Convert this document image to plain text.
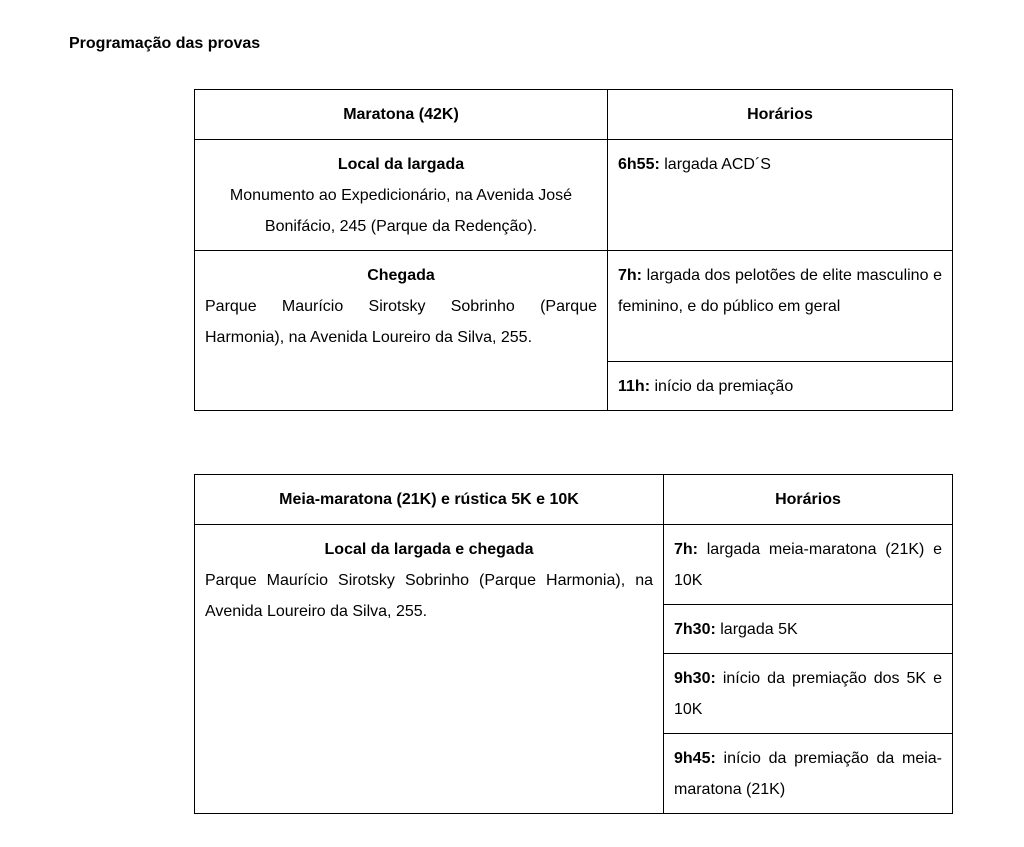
Programação das provas
Maratona (42K)	Horários

Local da largada
Monumento ao Expedicionário, na Avenida José Bonifácio, 245 (Parque da Redenção).	6h55: largada ACD´S

Chegada
Parque Maurício Sirotsky Sobrinho (Parque Harmonia), na Avenida Loureiro da Silva, 255.	7h: largada dos pelotões de elite masculino e feminino, e do público em geral
	11h: início da premiação
Meia-maratona (21K) e rústica 5K e 10K	Horários

Local da largada e chegada
Parque Maurício Sirotsky Sobrinho (Parque Harmonia), na Avenida Loureiro da Silva, 255.	7h: largada meia-maratona (21K) e 10K
	7h30: largada 5K
	9h30: início da premiação dos 5K e 10K
	9h45: início da premiação da meia-maratona (21K)
